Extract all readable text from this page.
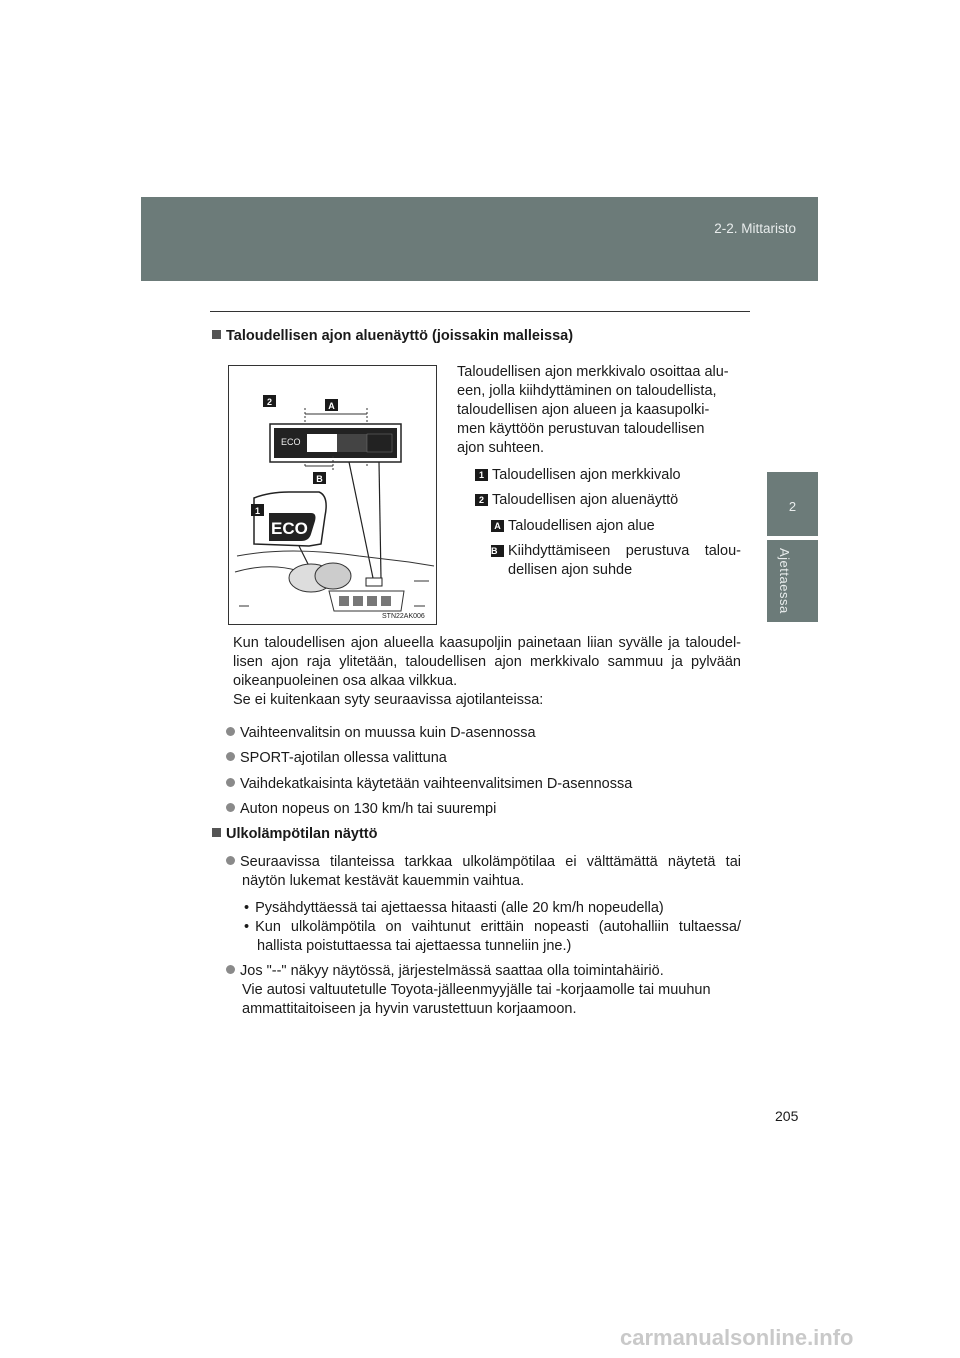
2-2. Mittaristo
2
Ajettaessa
Taloudellisen ajon aluenäyttö (joissakin malleissa)
2	A
ECO
B
1
ECO
STN22AK006
Taloudellisen ajon merkkivalo osoittaa alu-
een, jolla kiihdyttäminen on taloudellista,
taloudellisen ajon alueen ja kaasupolki-
men käyttöön perustuvan taloudellisen
ajon suhteen.
1 Taloudellisen ajon merkkivalo
2 Taloudellisen ajon aluenäyttö
A Taloudellisen ajon alue
B Kiihdyttämiseen perustuva talou-
dellisen ajon suhde
Kun taloudellisen ajon alueella kaasupoljin painetaan liian syvälle ja taloudel-
lisen ajon raja ylitetään, taloudellisen ajon merkkivalo sammuu ja pylvään
oikeanpuoleinen osa alkaa vilkkua.
Se ei kuitenkaan syty seuraavissa ajotilanteissa:
Vaihteenvalitsin on muussa kuin D-asennossa
SPORT-ajotilan ollessa valittuna
Vaihdekatkaisinta käytetään vaihteenvalitsimen D-asennossa
Auton nopeus on 130 km/h tai suurempi
Ulkolämpötilan näyttö
Seuraavissa tilanteissa tarkkaa ulkolämpötilaa ei välttämättä näytetä tai
näytön lukemat kestävät kauemmin vaihtua.
• Pysähdyttäessä tai ajettaessa hitaasti (alle 20 km/h nopeudella)
• Kun ulkolämpötila on vaihtunut erittäin nopeasti (autohalliin tultaessa/
hallista poistuttaessa tai ajettaessa tunneliin jne.)
Jos "--" näkyy näytössä, järjestelmässä saattaa olla toimintahäiriö.
Vie autosi valtuutetulle Toyota-jälleenmyyjälle tai -korjaamolle tai muuhun
ammattitaitoiseen ja hyvin varustettuun korjaamoon.
205
carmanualsonline.info
